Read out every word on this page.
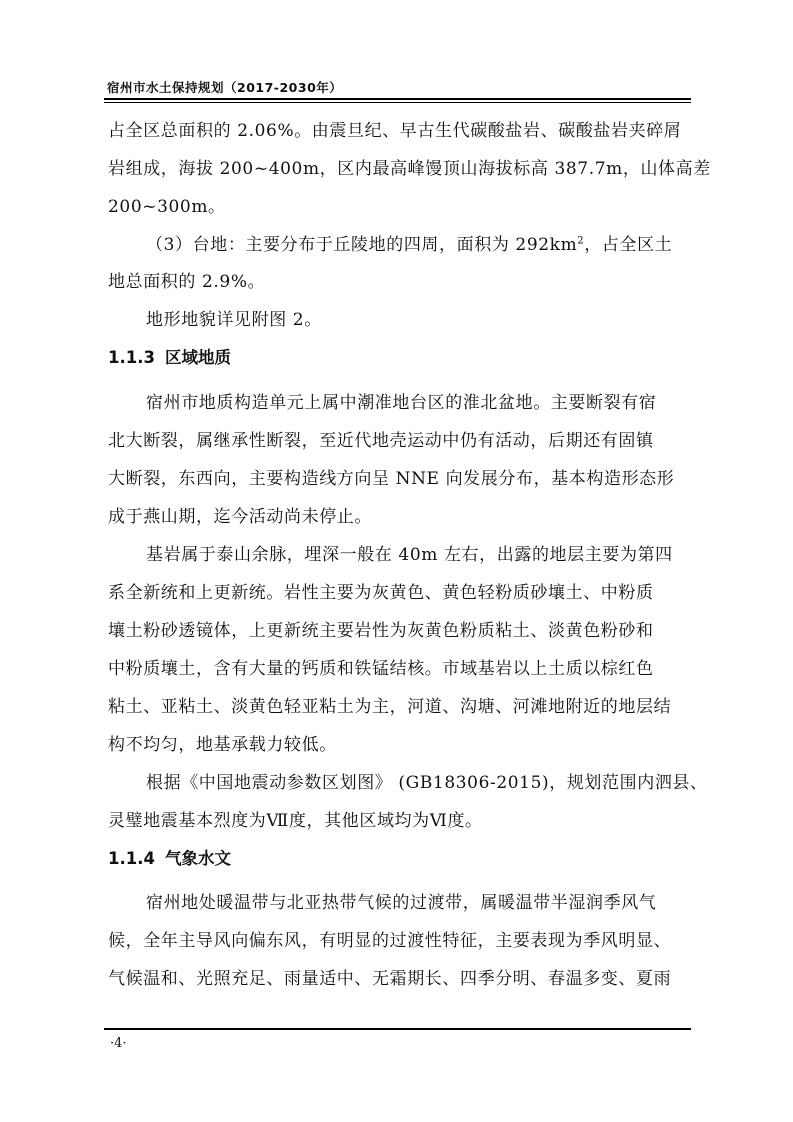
宿州市水土保持规划（2017-2030年）
占全区总面积的 2.06%。由震旦纪、早古生代碳酸盐岩、碳酸盐岩夹碎屑
岩组成，海拔 200~400m，区内最高峰馒顶山海拔标高 387.7m，山体高差
200~300m。
（3）台地：主要分布于丘陵地的四周，面积为 $292km^2$，占全区土
地总面积的 2.9%。
地形地貌详见附图 2。
1.1.3 区域地质
宿州市地质构造单元上属中潮准地台区的淮北盆地。主要断裂有宿
北大断裂，属继承性断裂，至近代地壳运动中仍有活动，后期还有固镇
大断裂，东西向，主要构造线方向呈 NNE 向发展分布，基本构造形态形
成于燕山期，迄今活动尚未停止。
基岩属于泰山余脉，埋深一般在 40m 左右，出露的地层主要为第四
系全新统和上更新统。岩性主要为灰黄色、黄色轻粉质砂壤土、中粉质
壤土粉砂透镜体，上更新统主要岩性为灰黄色粉质粘土、淡黄色粉砂和
中粉质壤土，含有大量的钙质和铁锰结核。市域基岩以上土质以棕红色
粘土、亚粘土、淡黄色轻亚粘土为主，河道、沟塘、河滩地附近的地层结
构不均匀，地基承载力较低。
根据《中国地震动参数区划图》 (GB18306-2015)，规划范围内泗县、
灵璧地震基本烈度为Ⅶ度，其他区域均为Ⅵ度。
1.1.4 气象水文
宿州地处暖温带与北亚热带气候的过渡带，属暖温带半湿润季风气
候，全年主导风向偏东风，有明显的过渡性特征，主要表现为季风明显、
气候温和、光照充足、雨量适中、无霜期长、四季分明、春温多变、夏雨
·4·
